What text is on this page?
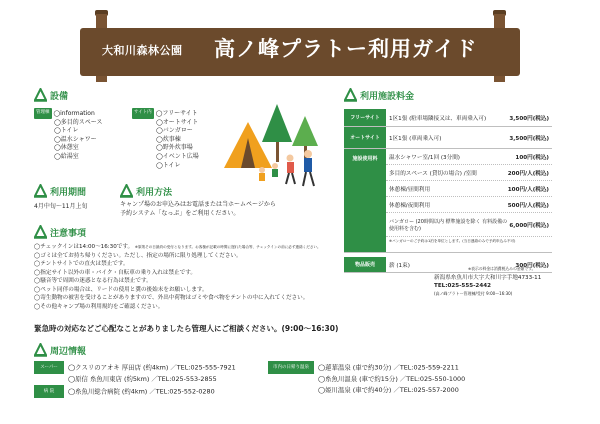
大和川森林公園 高ノ峰プラトー利用ガイド
設備
管理棟 ◯information
◯多目的スペース
◯トイレ
◯温水シャワー
◯休憩室
◯給湯室
サイト内 ◯フリーサイト
◯オートサイト
◯バンガロー
◯炊事棟
◯野外炊事場
◯イベント広場
◯トイレ
利用期間
4月中旬〜11月上旬
利用方法
キャンプ場のお申込みはお電話または当ホームページから
予約システム「なっぷ」をご利用ください。
注意事項
◯チェックインは14:00〜16:30です。 ※原則その日最終の受付となります。お客様が記載の時間に遅れた場合等、チェックインの前に必ず連絡ください。
◯ゴミは全てお持ち帰りください。ただし、指定の場所に限り処理してください。
◯テントサイトでの直火は禁止です。
◯指定サイト以外の車・バイク・自転車の乗り入れは禁止です。
◯騒音等で周囲の迷惑となる行為は禁止です。
◯ペット同伴の場合は、リードの使用と糞の後始末をお願いします。
◯寄生動物の被害を受けることがありますので、外出中荷物はゴミや食べ物をテントの中に入れてください。
◯その他キャンプ場の利用規約をご確認ください。
緊急時の対応などご心配なことがありましたら管理人にご相談ください。(9:00〜16:30)
利用施設料金
フリーサイト	1区1張 (駐車場隣接又は、車両乗入可)	3,500円(税込)
オートサイト	1区1張 (車両乗入可)	3,500円(税込)
施設使用料	温水シャワー室/1回 (3分間)	100円(税込)
多目的スペース (貸切の場合) /室間	200円/人(税込)
休憩棟/昼間利用	100円/人(税込)
休憩棟/夜間利用	500円/人(税込)
バンガロー (20時間以内 標準施設を除く 有料設備の使用料を含む)	6,000円(税込)
※バンガローのご予約は1泊を単位とします。(当日連絡のみで予約申込み不可)
物品販売	薪 (1束)	300円(税込)
※表示の料金は消費税込みの金額です。
新潟県糸魚川市大字大和川字手地4733-11
TEL:025-555-2442
(高ノ峰プラトー管理棟/受付 9:00〜16:30)
周辺情報
スーパー ◯クスリのアオキ 厚田店 (約4km) ／TEL:025-555-7921
◯原信 糸魚川東店 (約5km) ／TEL:025-553-2855
病 院 ◯糸魚川総合病院 (約4km) ／TEL:025-552-0280
市内の日帰り温泉 ◯蓮華温泉 (車で約30分) ／TEL:025-559-2211
◯糸魚川温泉 (車で約15分) ／TEL:025-550-1000
◯姫川温泉 (車で約40分) ／TEL:025-557-2000
